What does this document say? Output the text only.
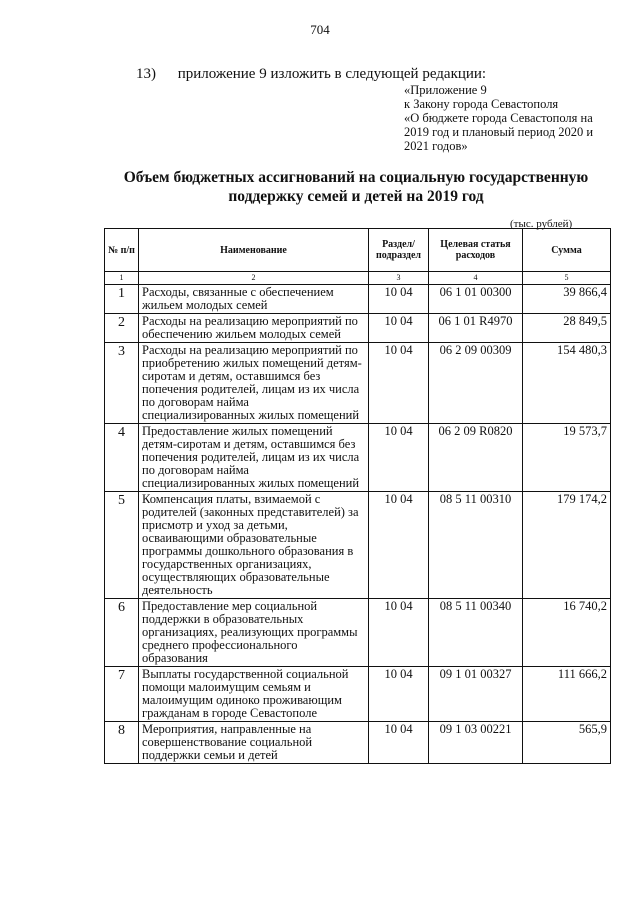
704
13) приложение 9 изложить в следующей редакции:
«Приложение 9
к Закону города Севастополя
«О бюджете города Севастополя на
2019 год и плановый период 2020 и
2021 годов»
Объем бюджетных ассигнований на социальную государственную поддержку семей и детей на 2019 год
(тыс. рублей)
№ п/п	Наименование	Раздел/ подраздел	Целевая статья расходов	Сумма
1	2	3	4	5
1	Расходы, связанные с обеспечением жильем молодых семей	10 04	06 1 01 00300	39 866,4
2	Расходы на реализацию мероприятий по обеспечению жильем молодых семей	10 04	06 1 01 R4970	28 849,5
3	Расходы на реализацию мероприятий по приобретению жилых помещений детям-сиротам и детям, оставшимся без попечения родителей, лицам из их числа по договорам найма специализированных жилых помещений	10 04	06 2 09 00309	154 480,3
4	Предоставление жилых помещений детям-сиротам и детям, оставшимся без попечения родителей, лицам из их числа по договорам найма специализированных жилых помещений	10 04	06 2 09 R0820	19 573,7
5	Компенсация платы, взимаемой с родителей (законных представителей) за присмотр и уход за детьми, осваивающими образовательные программы дошкольного образования в государственных организациях, осуществляющих образовательные деятельность	10 04	08 5 11 00310	179 174,2
6	Предоставление мер социальной поддержки в образовательных организациях, реализующих программы среднего профессионального образования	10 04	08 5 11 00340	16 740,2
7	Выплаты государственной социальной помощи малоимущим семьям и малоимущим одиноко проживающим гражданам в городе Севастополе	10 04	09 1 01 00327	111 666,2
8	Мероприятия, направленные на совершенствование социальной поддержки семьи и детей	10 04	09 1 03 00221	565,9
